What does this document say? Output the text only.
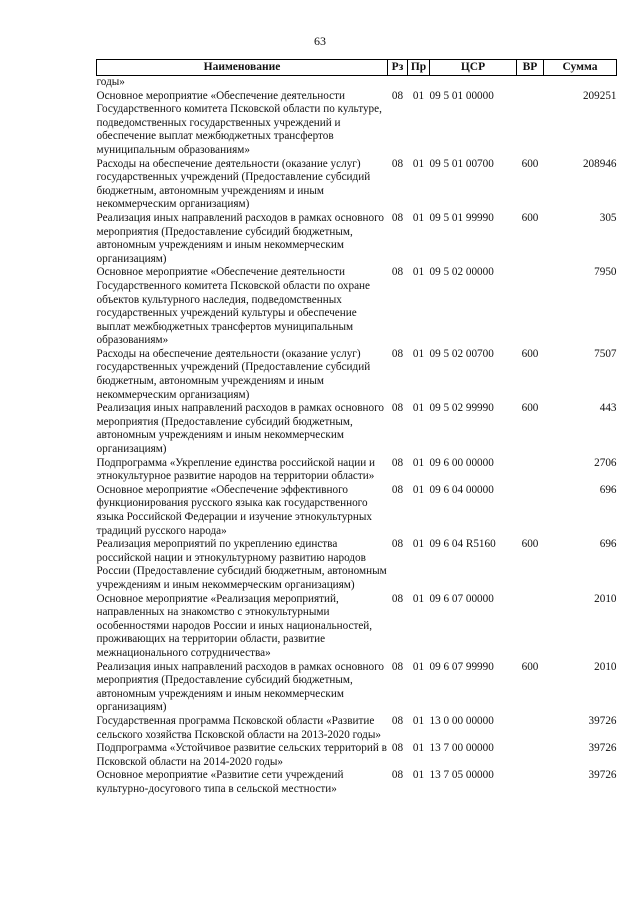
63
Наименование	Рз	Пр	ЦСР	ВР	Сумма
годы»					
Основное мероприятие «Обеспечение деятельности Государственного комитета Псковской области по культуре, подведомственных государственных учреждений и обеспечение выплат межбюджетных трансфертов муниципальным образованиям»	08	01	09 5 01 00000		209251
Расходы на обеспечение деятельности (оказание услуг) государственных учреждений (Предоставление субсидий бюджетным, автономным учреждениям и иным некоммерческим организациям)	08	01	09 5 01 00700	600	208946
Реализация иных направлений расходов в рамках основного мероприятия (Предоставление субсидий бюджетным, автономным учреждениям и иным некоммерческим организациям)	08	01	09 5 01 99990	600	305
Основное мероприятие «Обеспечение деятельности Государственного комитета Псковской области по охране объектов культурного наследия, подведомственных государственных учреждений культуры и обеспечение выплат межбюджетных трансфертов муниципальным образованиям»	08	01	09 5 02 00000		7950
Расходы на обеспечение деятельности (оказание услуг) государственных учреждений (Предоставление субсидий бюджетным, автономным учреждениям и иным некоммерческим организациям)	08	01	09 5 02 00700	600	7507
Реализация иных направлений расходов в рамках основного мероприятия (Предоставление субсидий бюджетным, автономным учреждениям и иным некоммерческим организациям)	08	01	09 5 02 99990	600	443
Подпрограмма «Укрепление единства российской нации и этнокультурное развитие народов на территории области»	08	01	09 6 00 00000		2706
Основное мероприятие «Обеспечение эффективного функционирования русского языка как государственного языка Российской Федерации и изучение этнокультурных традиций русского народа»	08	01	09 6 04 00000		696
Реализация мероприятий по укреплению единства российской нации и этнокультурному развитию народов России (Предоставление субсидий бюджетным, автономным учреждениям и иным некоммерческим организациям)	08	01	09 6 04 R5160	600	696
Основное мероприятие «Реализация мероприятий, направленных на знакомство с этнокультурными особенностями народов России и иных национальностей, проживающих на территории области, развитие межнационального сотрудничества»	08	01	09 6 07 00000		2010
Реализация иных направлений расходов в рамках основного мероприятия (Предоставление субсидий бюджетным, автономным учреждениям и иным некоммерческим организациям)	08	01	09 6 07 99990	600	2010
Государственная программа Псковской области «Развитие сельского хозяйства Псковской области на 2013-2020 годы»	08	01	13 0 00 00000		39726
Подпрограмма «Устойчивое развитие сельских территорий в Псковской области на 2014-2020 годы»	08	01	13 7 00 00000		39726
Основное мероприятие «Развитие сети учреждений культурно-досугового типа в сельской местности»	08	01	13 7 05 00000		39726
